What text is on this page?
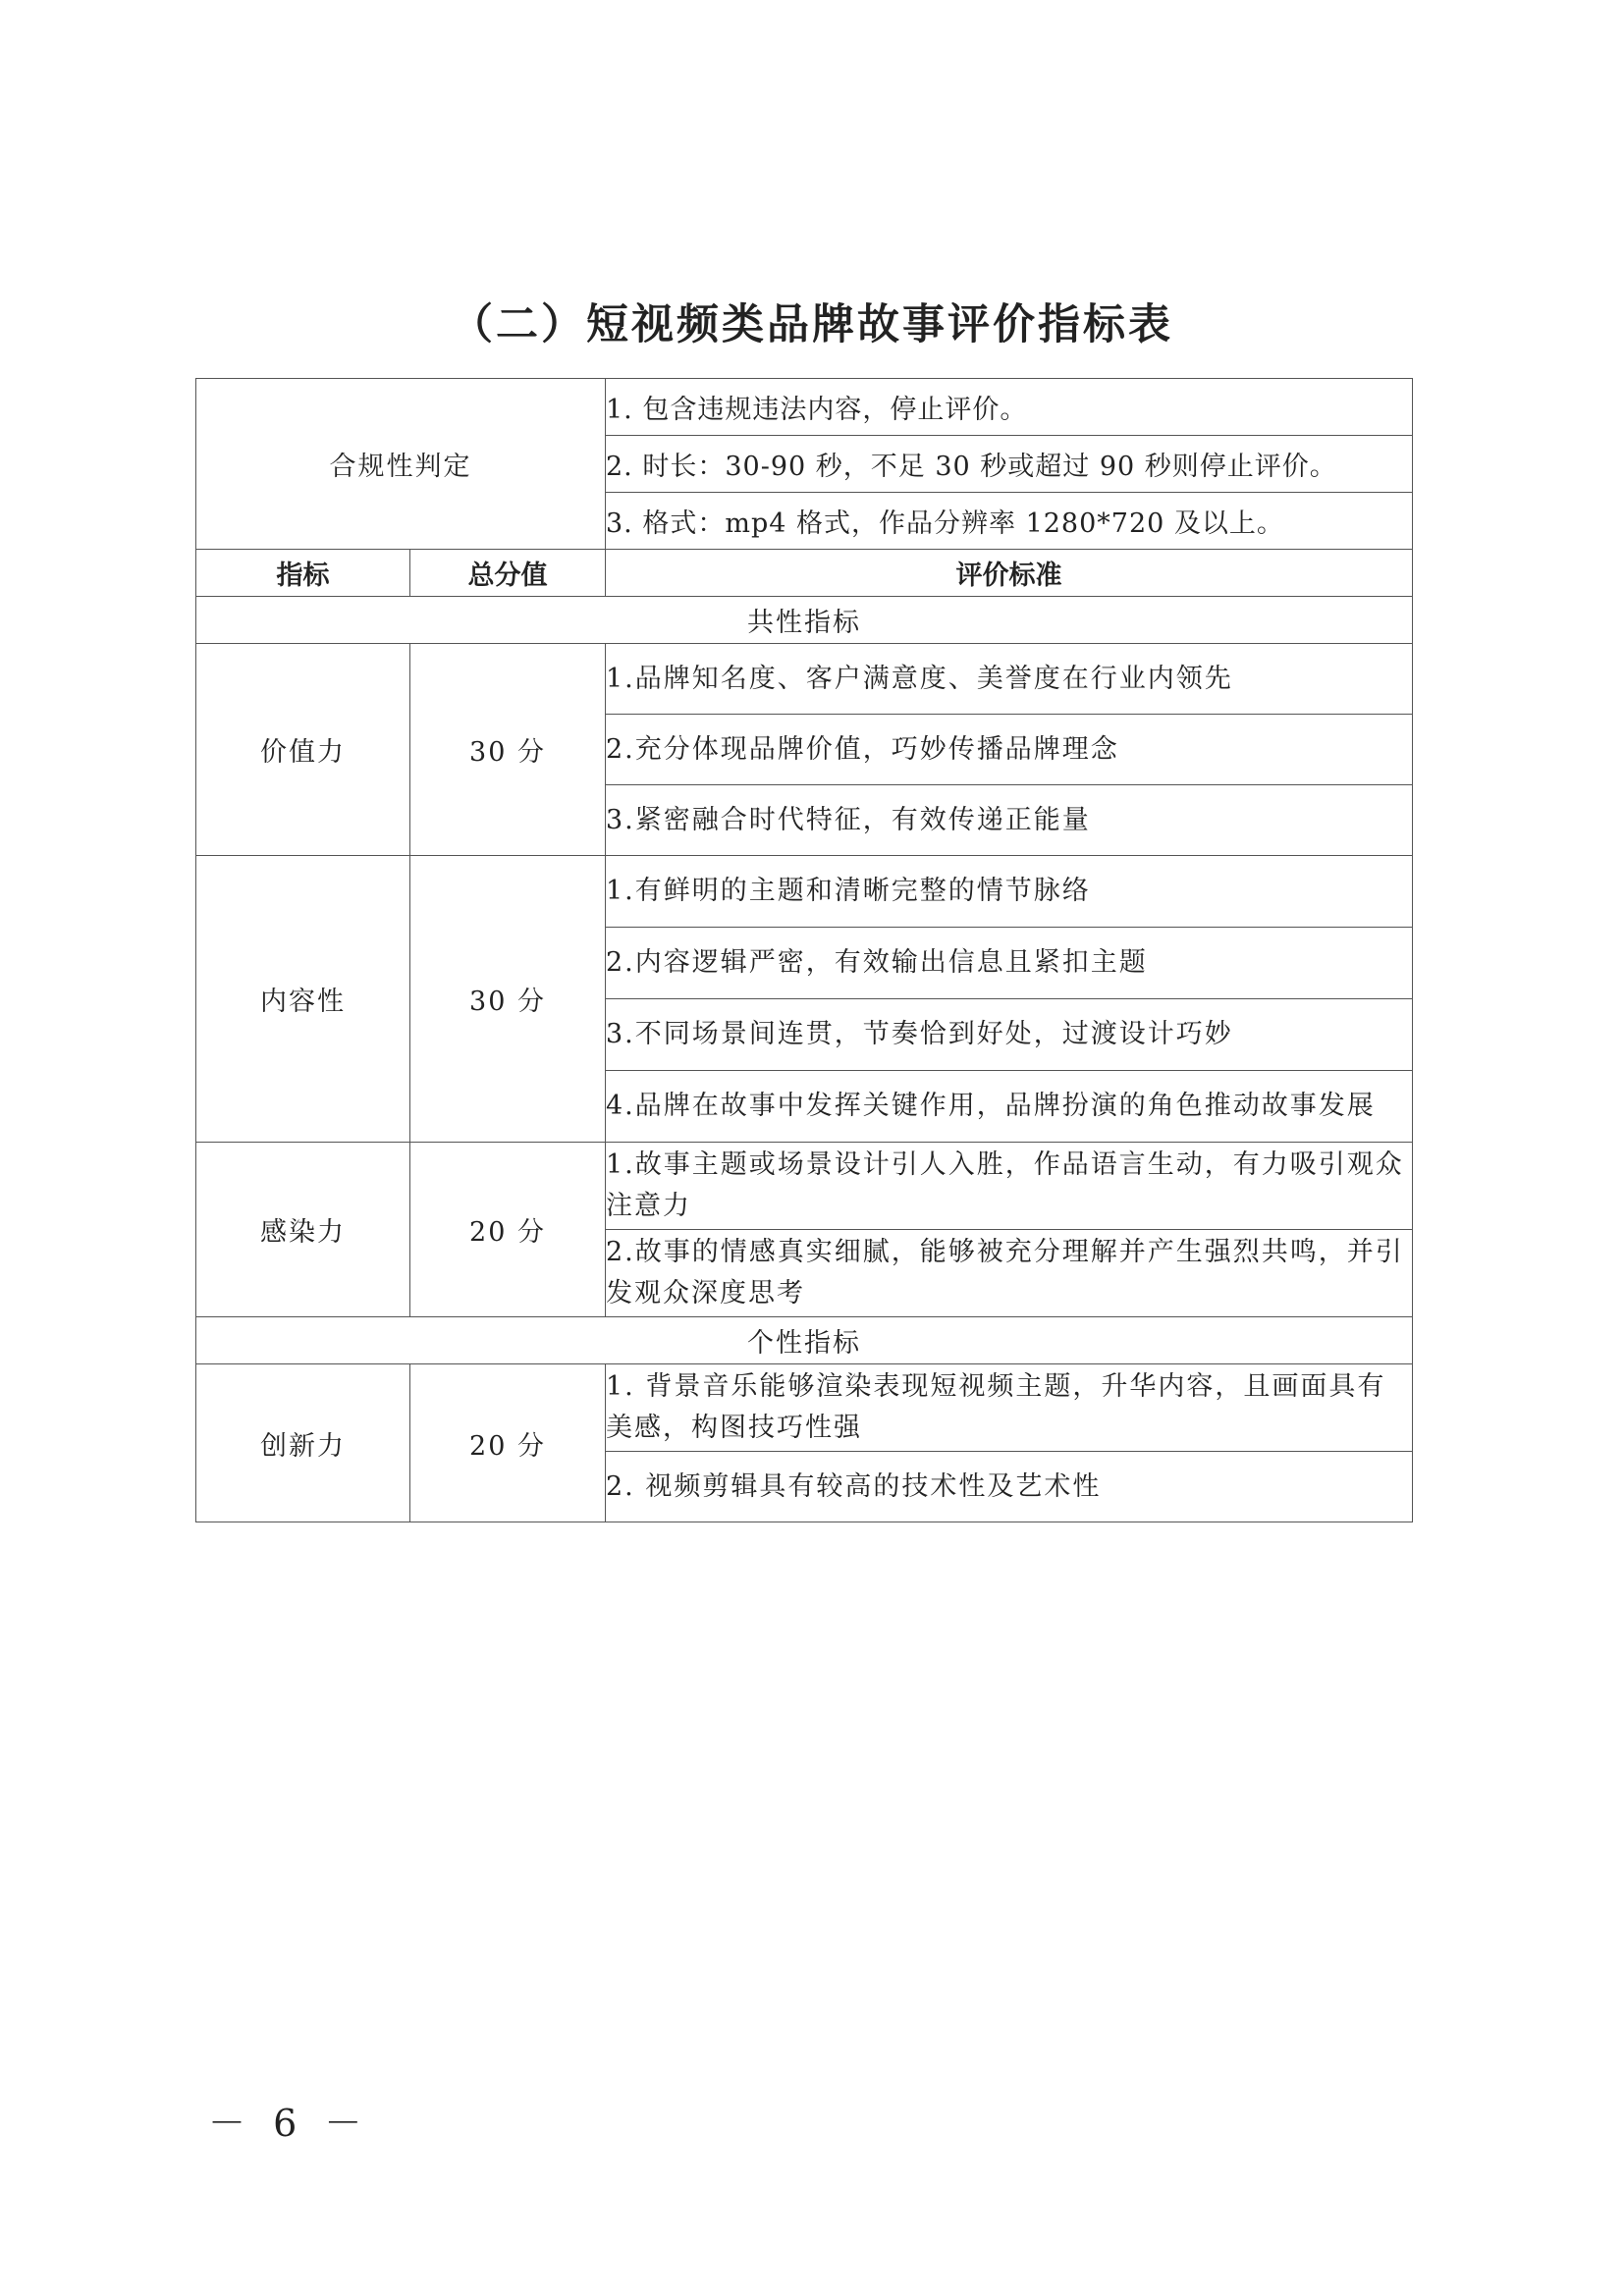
（二）短视频类品牌故事评价指标表
合规性判定		1. 包含违规违法内容，停止评价。
		2. 时长：30-90 秒，不足 30 秒或超过 90 秒则停止评价。
		3. 格式：mp4 格式，作品分辨率 1280*720 及以上。
指标	总分值	评价标准
共性指标		
价值力	30 分	1.品牌知名度、客户满意度、美誉度在行业内领先
		2.充分体现品牌价值，巧妙传播品牌理念
		3.紧密融合时代特征，有效传递正能量
内容性	30 分	1.有鲜明的主题和清晰完整的情节脉络
		2.内容逻辑严密，有效输出信息且紧扣主题
		3.不同场景间连贯，节奏恰到好处，过渡设计巧妙
		4.品牌在故事中发挥关键作用，品牌扮演的角色推动故事发展
感染力	20 分	1.故事主题或场景设计引人入胜，作品语言生动，有力吸引观众注意力
		2.故事的情感真实细腻，能够被充分理解并产生强烈共鸣，并引发观众深度思考
个性指标		
创新力	20 分	1. 背景音乐能够渲染表现短视频主题，升华内容，且画面具有美感，构图技巧性强
		2. 视频剪辑具有较高的技术性及艺术性
－ 6 －
